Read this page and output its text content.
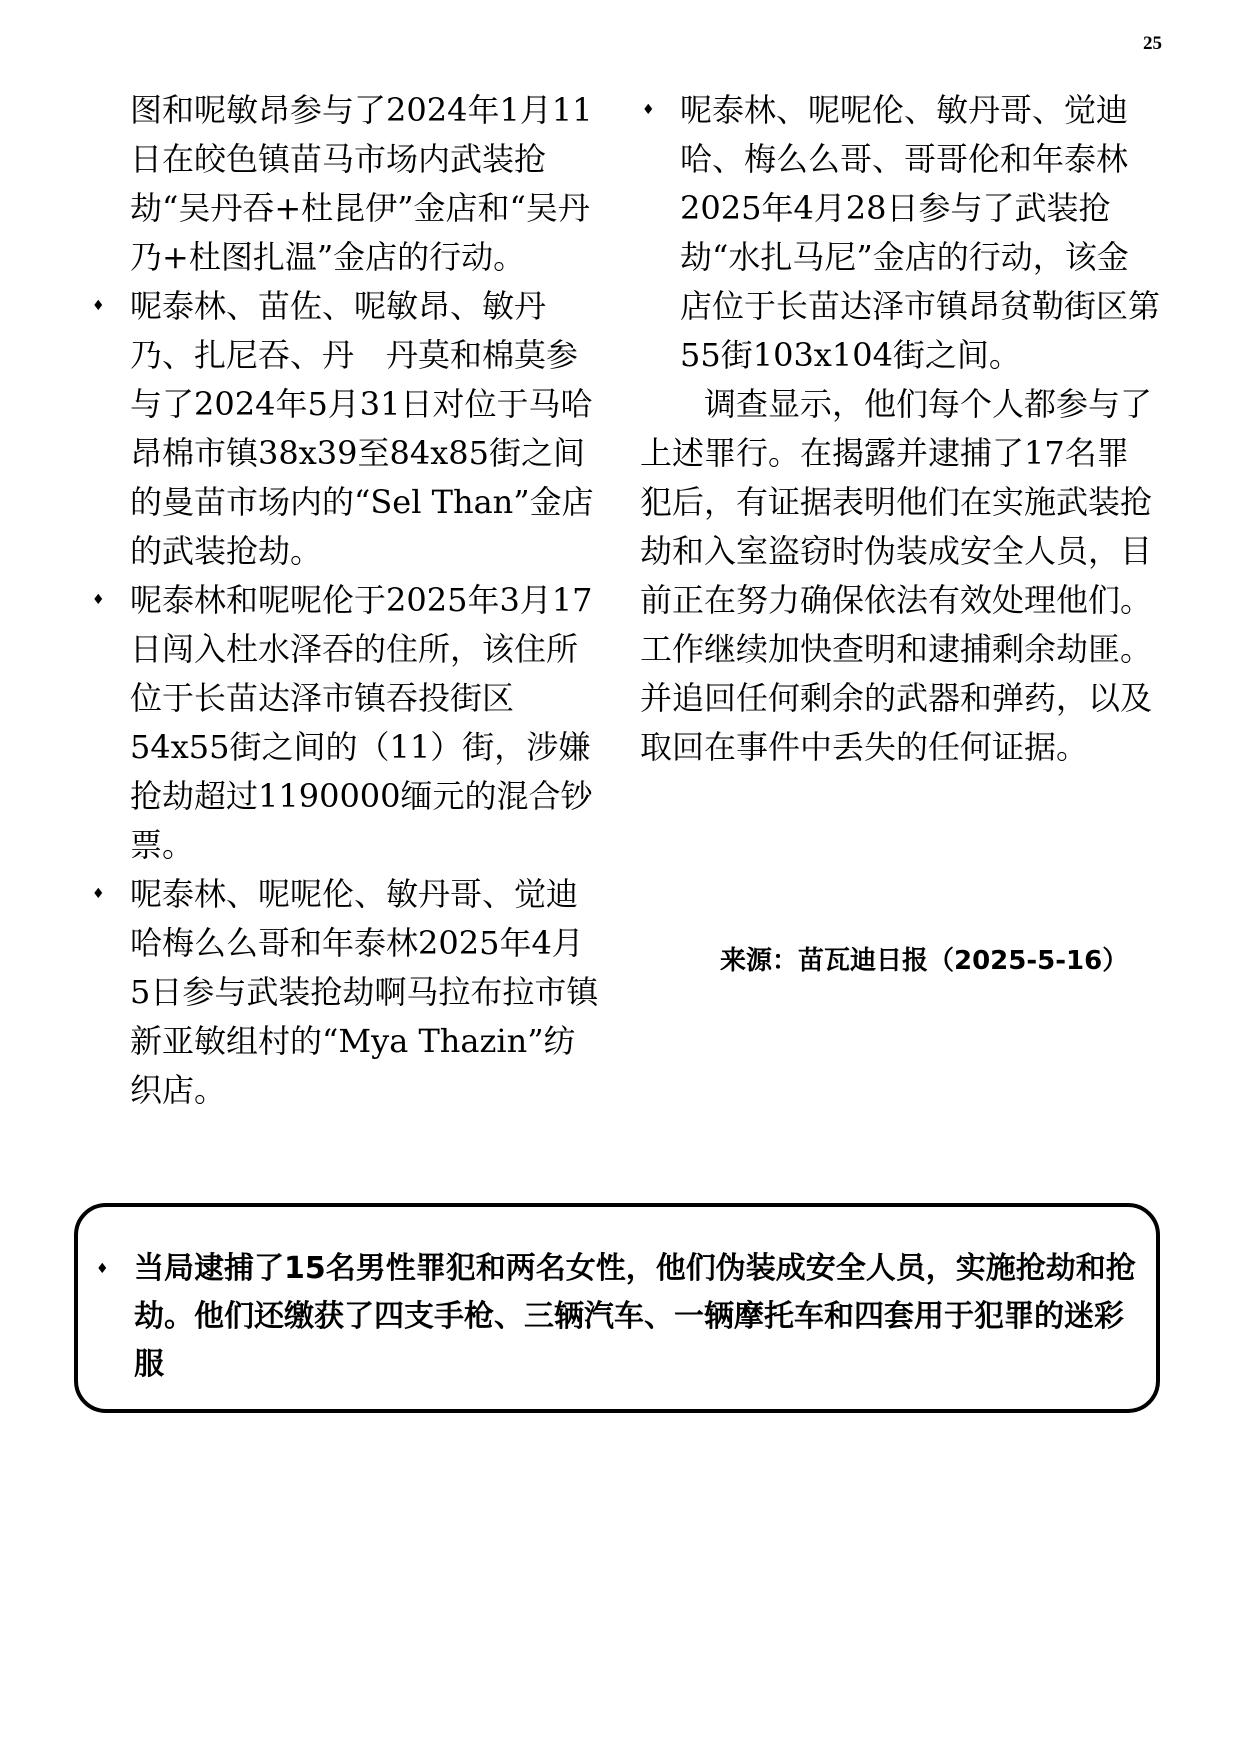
25

图和呢敏昂参与了2024年1月11日在皎色镇苗马市场内武装抢劫“吴丹吞+杜昆伊”金店和“吴丹乃+杜图扎温”金店的行动。

♦ 呢泰林、苗佐、呢敏昂、敏丹乃、扎尼吞、丹　丹莫和棉莫参与了2024年5月31日对位于马哈昂棉市镇38x39至84x85街之间的曼苗市场内的“Sel Than”金店的武装抢劫。
♦ 呢泰林和呢呢伦于2025年3月17日闯入杜水泽吞的住所，该住所位于长苗达泽市镇吞投街区54x55街之间的（11）街，涉嫌抢劫超过1190000缅元的混合钞票。
♦ 呢泰林、呢呢伦、敏丹哥、觉迪哈梅么么哥和年泰林2025年4月5日参与武装抢劫啊马拉布拉市镇新亚敏组村的“Mya Thazin”纺织店。
♦ 呢泰林、呢呢伦、敏丹哥、觉迪哈、梅么么哥、哥哥伦和年泰林2025年4月28日参与了武装抢劫“水扎马尼”金店的行动，该金店位于长苗达泽市镇昂贫勒街区第55街103x104街之间。

调查显示，他们每个人都参与了上述罪行。在揭露并逮捕了17名罪犯后，有证据表明他们在实施武装抢劫和入室盗窃时伪装成安全人员，目前正在努力确保依法有效处理他们。工作继续加快查明和逮捕剩余劫匪。并追回任何剩余的武器和弹药，以及取回在事件中丢失的任何证据。

来源：苗瓦迪日报（2025-5-16）
♦ 当局逮捕了15名男性罪犯和两名女性，他们伪装成安全人员，实施抢劫和抢劫。他们还缴获了四支手枪、三辆汽车、一辆摩托车和四套用于犯罪的迷彩服
